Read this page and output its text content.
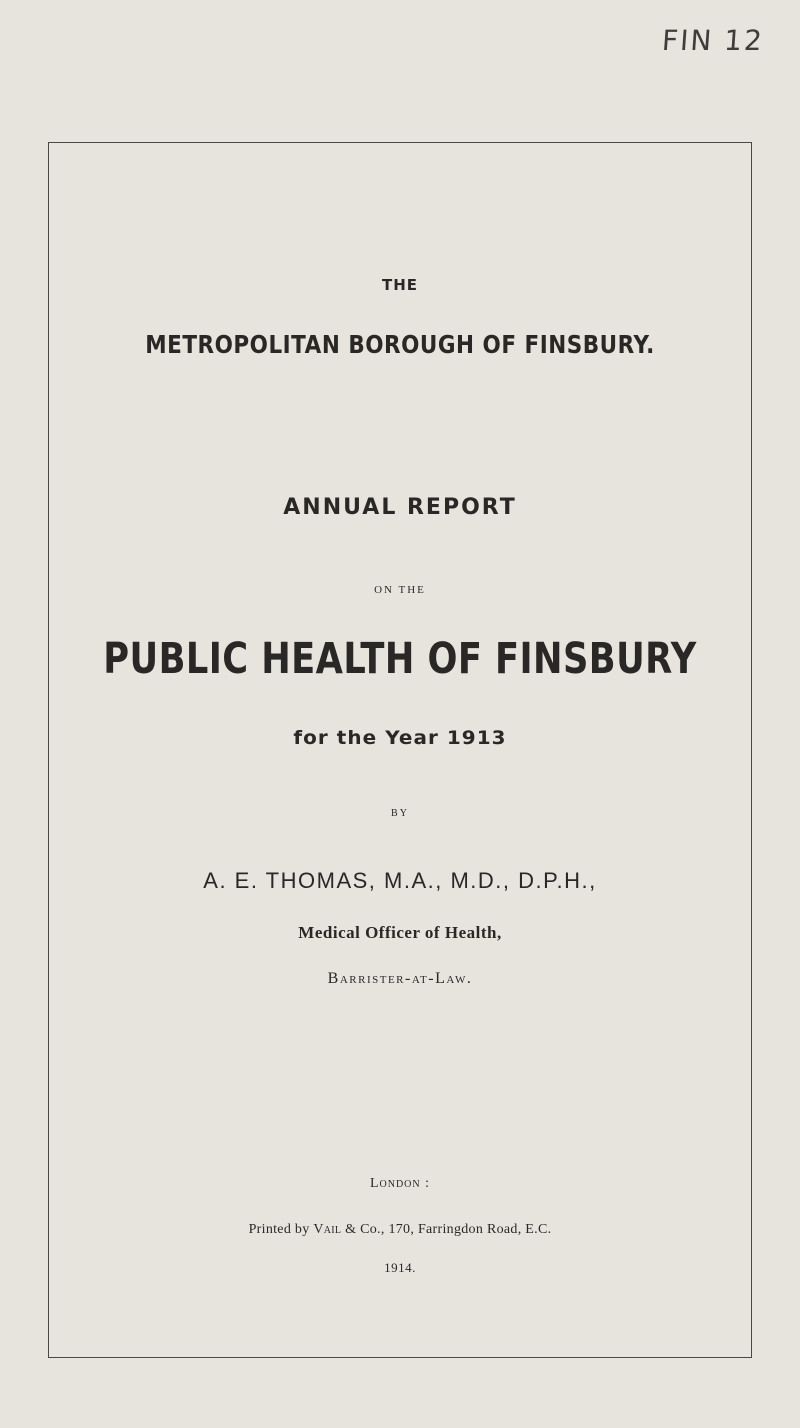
FIN 12
THE
METROPOLITAN BOROUGH OF FINSBURY.
ANNUAL REPORT
ON THE
PUBLIC HEALTH OF FINSBURY
for the Year 1913
BY
A. E. THOMAS, M.A., M.D., D.P.H.,
Medical Officer of Health,
Barrister-at-Law.
London :
Printed by Vail & Co., 170, Farringdon Road, E.C.
1914.
